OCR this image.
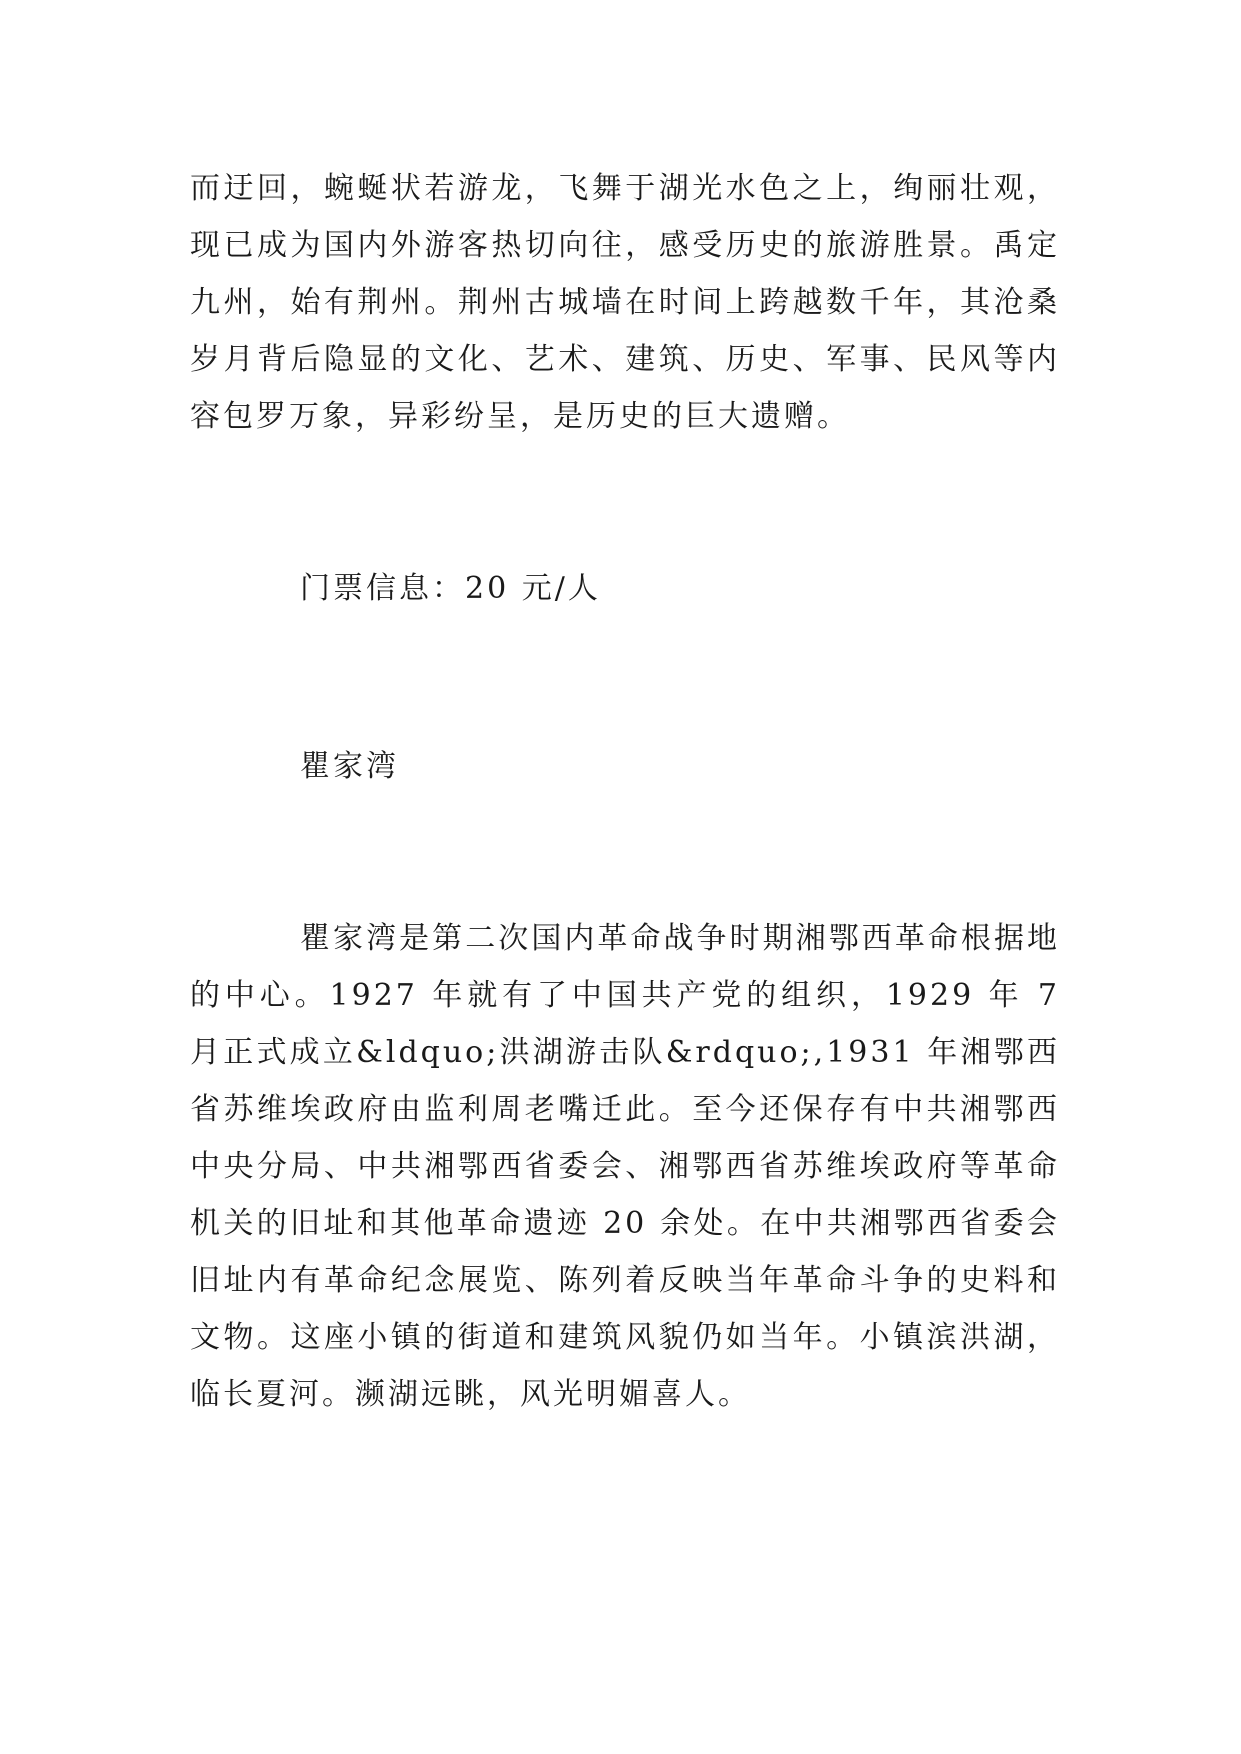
而迂回，蜿蜒状若游龙，飞舞于湖光水色之上，绚丽壮观，现已成为国内外游客热切向往，感受历史的旅游胜景。禹定九州，始有荆州。荆州古城墙在时间上跨越数千年，其沧桑岁月背后隐显的文化、艺术、建筑、历史、军事、民风等内容包罗万象，异彩纷呈，是历史的巨大遗赠。

门票信息：20 元/人

瞿家湾

瞿家湾是第二次国内革命战争时期湘鄂西革命根据地的中心。1927 年就有了中国共产党的组织，1929 年 7 月正式成立&ldquo;洪湖游击队&rdquo;,1931 年湘鄂西省苏维埃政府由监利周老嘴迁此。至今还保存有中共湘鄂西中央分局、中共湘鄂西省委会、湘鄂西省苏维埃政府等革命机关的旧址和其他革命遗迹 20 余处。在中共湘鄂西省委会旧址内有革命纪念展览、陈列着反映当年革命斗争的史料和文物。这座小镇的街道和建筑风貌仍如当年。小镇滨洪湖，临长夏河。濒湖远眺，风光明媚喜人。
